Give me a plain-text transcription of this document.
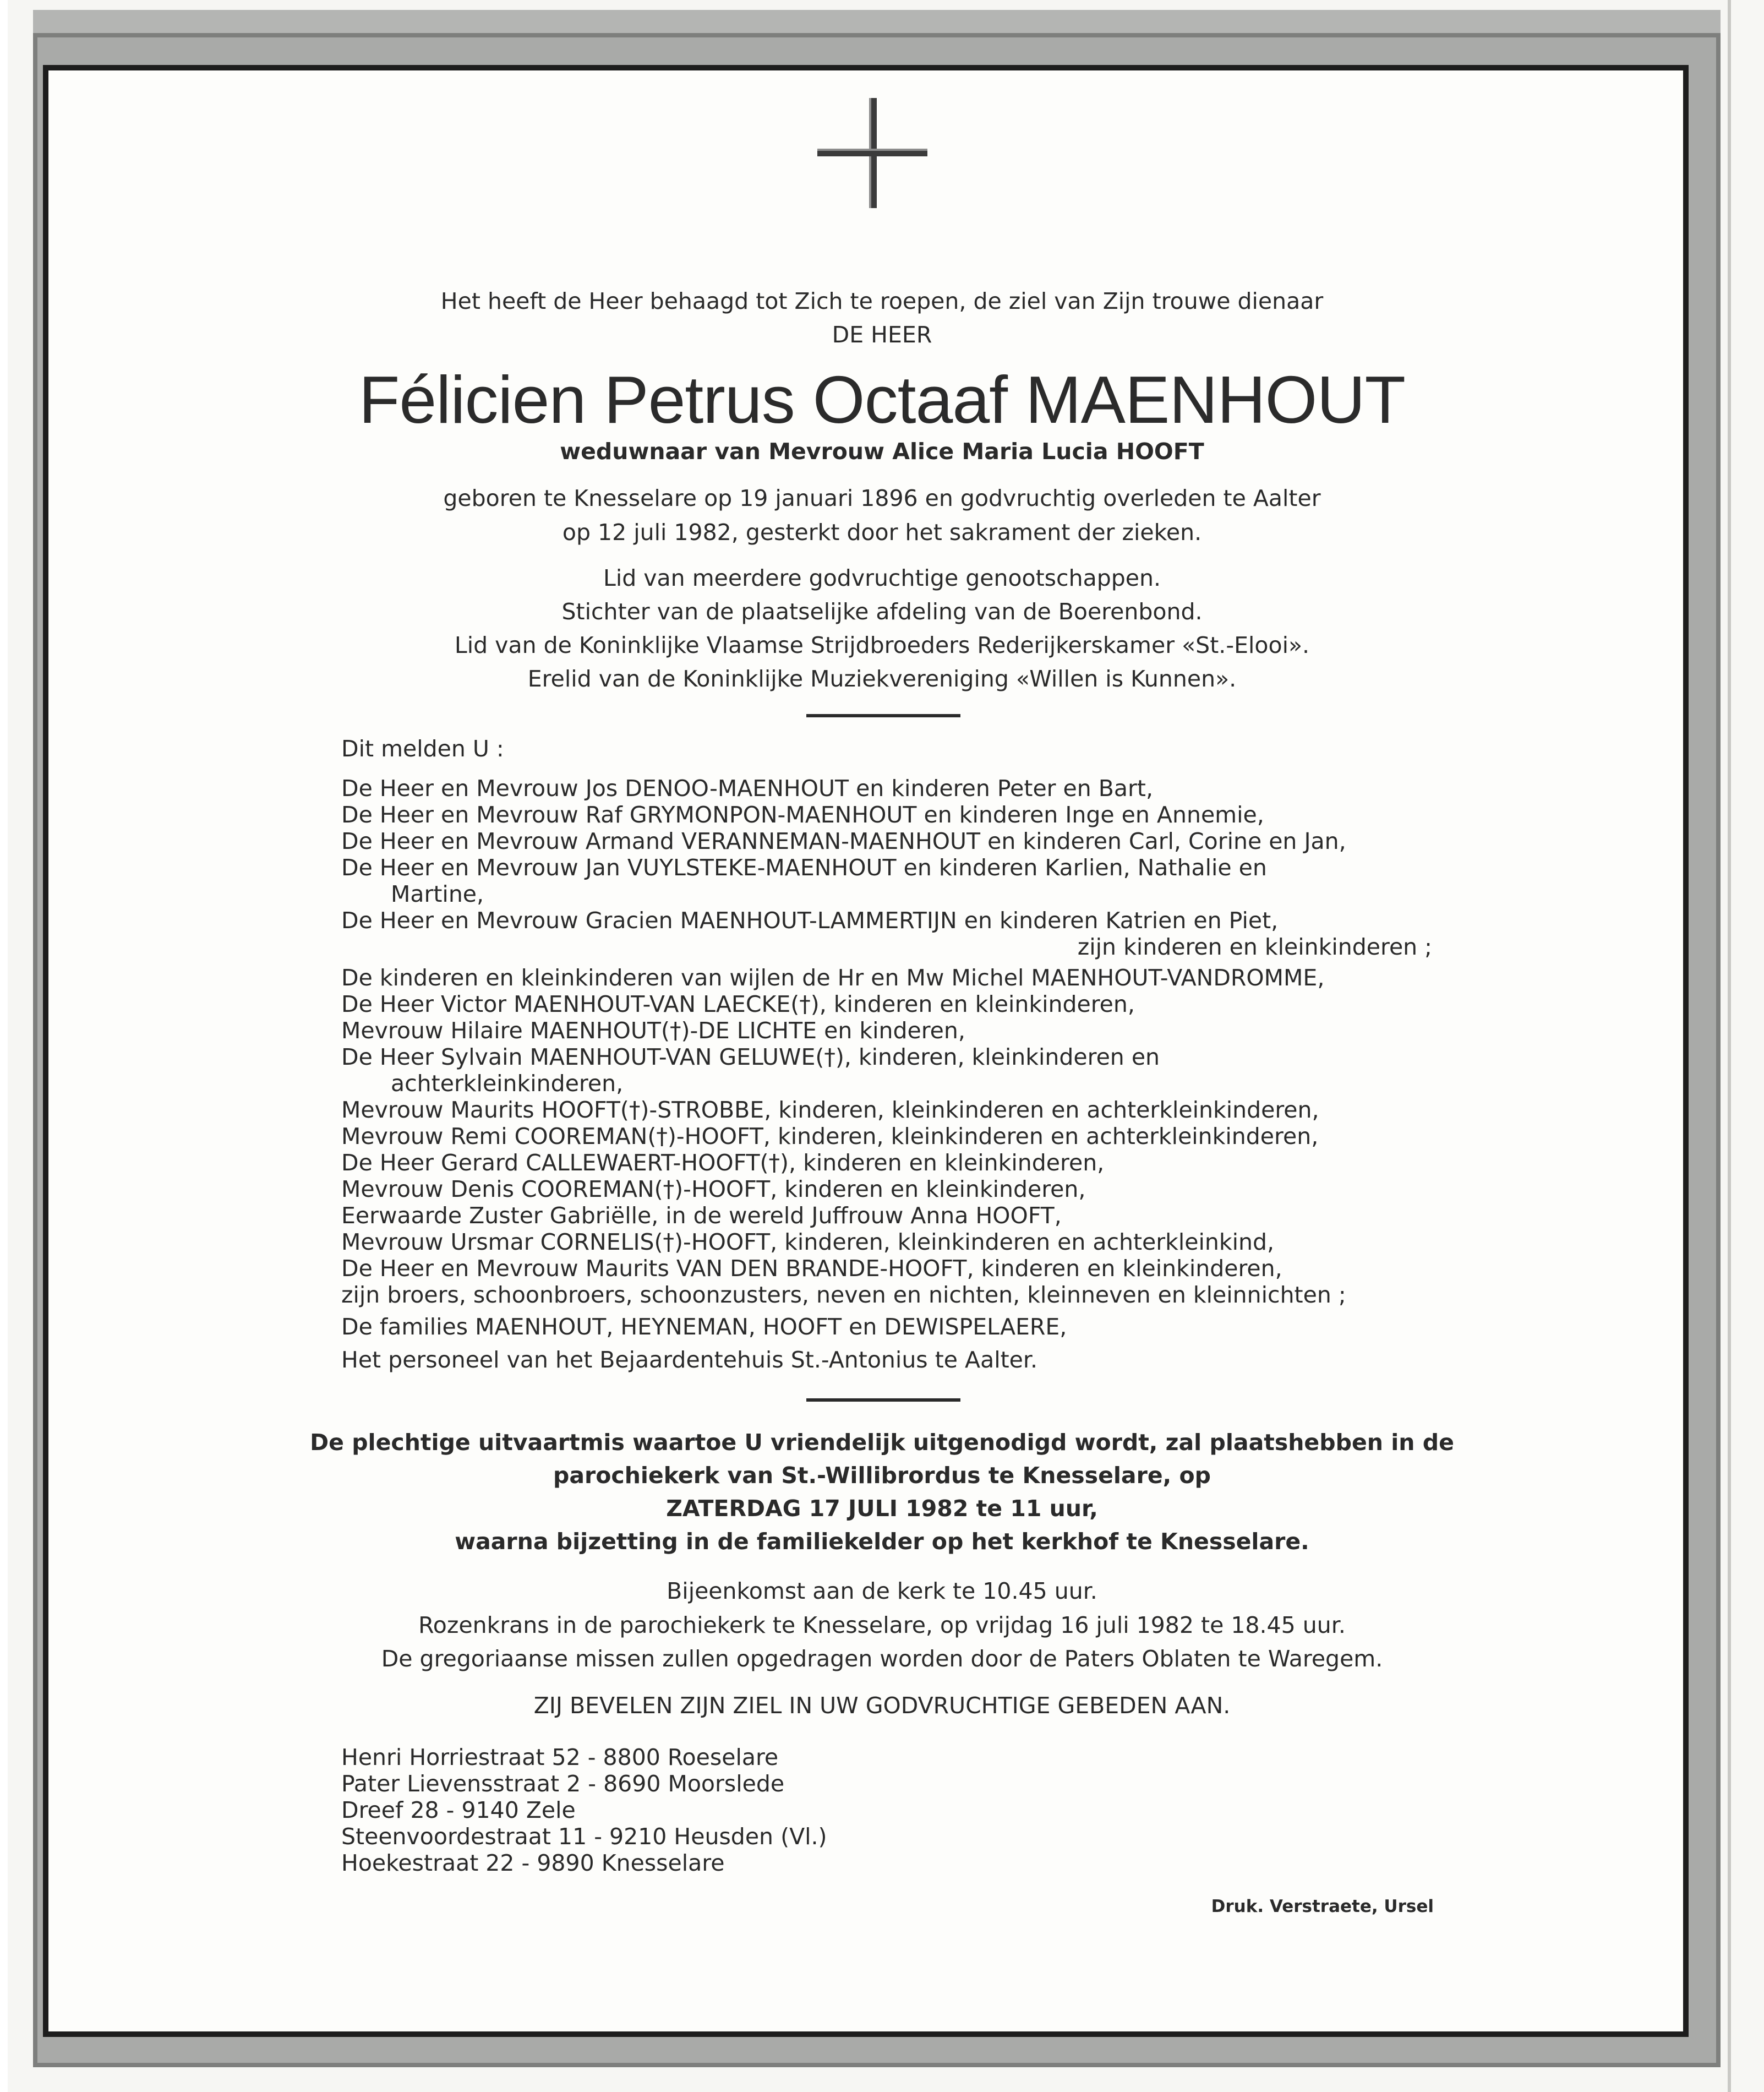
Het heeft de Heer behaagd tot Zich te roepen, de ziel van Zijn trouwe dienaar

DE HEER

Félicien Petrus Octaaf MAENHOUT

weduwnaar van Mevrouw Alice Maria Lucia HOOFT

geboren te Knesselare op 19 januari 1896 en godvruchtig overleden te Aalter

op 12 juli 1982, gesterkt door het sakrament der zieken.

Lid van meerdere godvruchtige genootschappen.

Stichter van de plaatselijke afdeling van de Boerenbond.

Lid van de Koninklijke Vlaamse Strijdbroeders Rederijkerskamer «St.-Elooi».

Erelid van de Koninklijke Muziekvereniging «Willen is Kunnen».

Dit melden U :

De Heer en Mevrouw Jos DENOO-MAENHOUT en kinderen Peter en Bart,

De Heer en Mevrouw Raf GRYMONPON-MAENHOUT en kinderen Inge en Annemie,

De Heer en Mevrouw Armand VERANNEMAN-MAENHOUT en kinderen Carl, Corine en Jan,

De Heer en Mevrouw Jan VUYLSTEKE-MAENHOUT en kinderen Karlien, Nathalie en

Martine,

De Heer en Mevrouw Gracien MAENHOUT-LAMMERTIJN en kinderen Katrien en Piet,

zijn kinderen en kleinkinderen ;

De kinderen en kleinkinderen van wijlen de Hr en Mw Michel MAENHOUT-VANDROMME,

De Heer Victor MAENHOUT-VAN LAECKE(†), kinderen en kleinkinderen,

Mevrouw Hilaire MAENHOUT(†)-DE LICHTE en kinderen,

De Heer Sylvain MAENHOUT-VAN GELUWE(†), kinderen, kleinkinderen en

achterkleinkinderen,

Mevrouw Maurits HOOFT(†)-STROBBE, kinderen, kleinkinderen en achterkleinkinderen,

Mevrouw Remi COOREMAN(†)-HOOFT, kinderen, kleinkinderen en achterkleinkinderen,

De Heer Gerard CALLEWAERT-HOOFT(†), kinderen en kleinkinderen,

Mevrouw Denis COOREMAN(†)-HOOFT, kinderen en kleinkinderen,

Eerwaarde Zuster Gabriëlle, in de wereld Juffrouw Anna HOOFT,

Mevrouw Ursmar CORNELIS(†)-HOOFT, kinderen, kleinkinderen en achterkleinkind,

De Heer en Mevrouw Maurits VAN DEN BRANDE-HOOFT, kinderen en kleinkinderen,

zijn broers, schoonbroers, schoonzusters, neven en nichten, kleinneven en kleinnichten ;

De families MAENHOUT, HEYNEMAN, HOOFT en DEWISPELAERE,

Het personeel van het Bejaardentehuis St.-Antonius te Aalter.

De plechtige uitvaartmis waartoe U vriendelijk uitgenodigd wordt, zal plaatshebben in de

parochiekerk van St.-Willibrordus te Knesselare, op

ZATERDAG 17 JULI 1982 te 11 uur,

waarna bijzetting in de familiekelder op het kerkhof te Knesselare.

Bijeenkomst aan de kerk te 10.45 uur.

Rozenkrans in de parochiekerk te Knesselare, op vrijdag 16 juli 1982 te 18.45 uur.

De gregoriaanse missen zullen opgedragen worden door de Paters Oblaten te Waregem.

ZIJ BEVELEN ZIJN ZIEL IN UW GODVRUCHTIGE GEBEDEN AAN.

Henri Horriestraat 52 - 8800 Roeselare

Pater Lievensstraat 2 - 8690 Moorslede

Dreef 28 - 9140 Zele

Steenvoordestraat 11 - 9210 Heusden (Vl.)

Hoekestraat 22 - 9890 Knesselare

Druk. Verstraete, Ursel
